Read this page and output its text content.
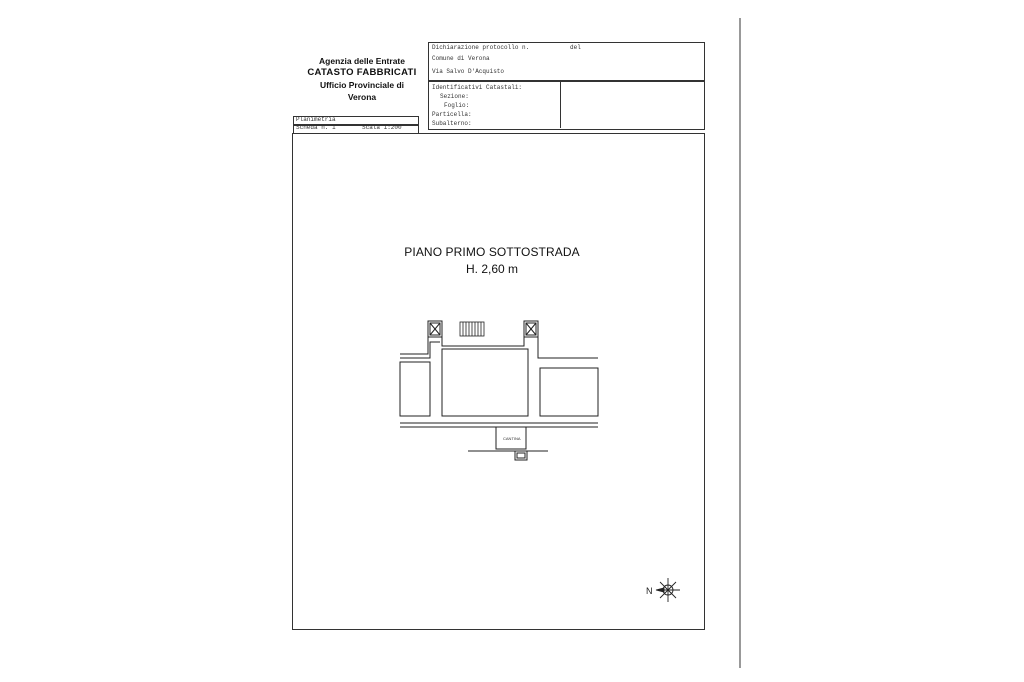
Agenzia delle Entrate
CATASTO FABBRICATI
Ufficio Provinciale di
Verona
Dichiarazione protocollo n.	del
Comune di Verona
Via Salvo D'Acquisto
Identificativi Catastali:
Sezione:
Foglio:
Particella:
Subalterno:
Planimetria
Scheda n. 1	Scala 1:200
PIANO PRIMO SOTTOSTRADA
H. 2,60 m
CANTINA
N
